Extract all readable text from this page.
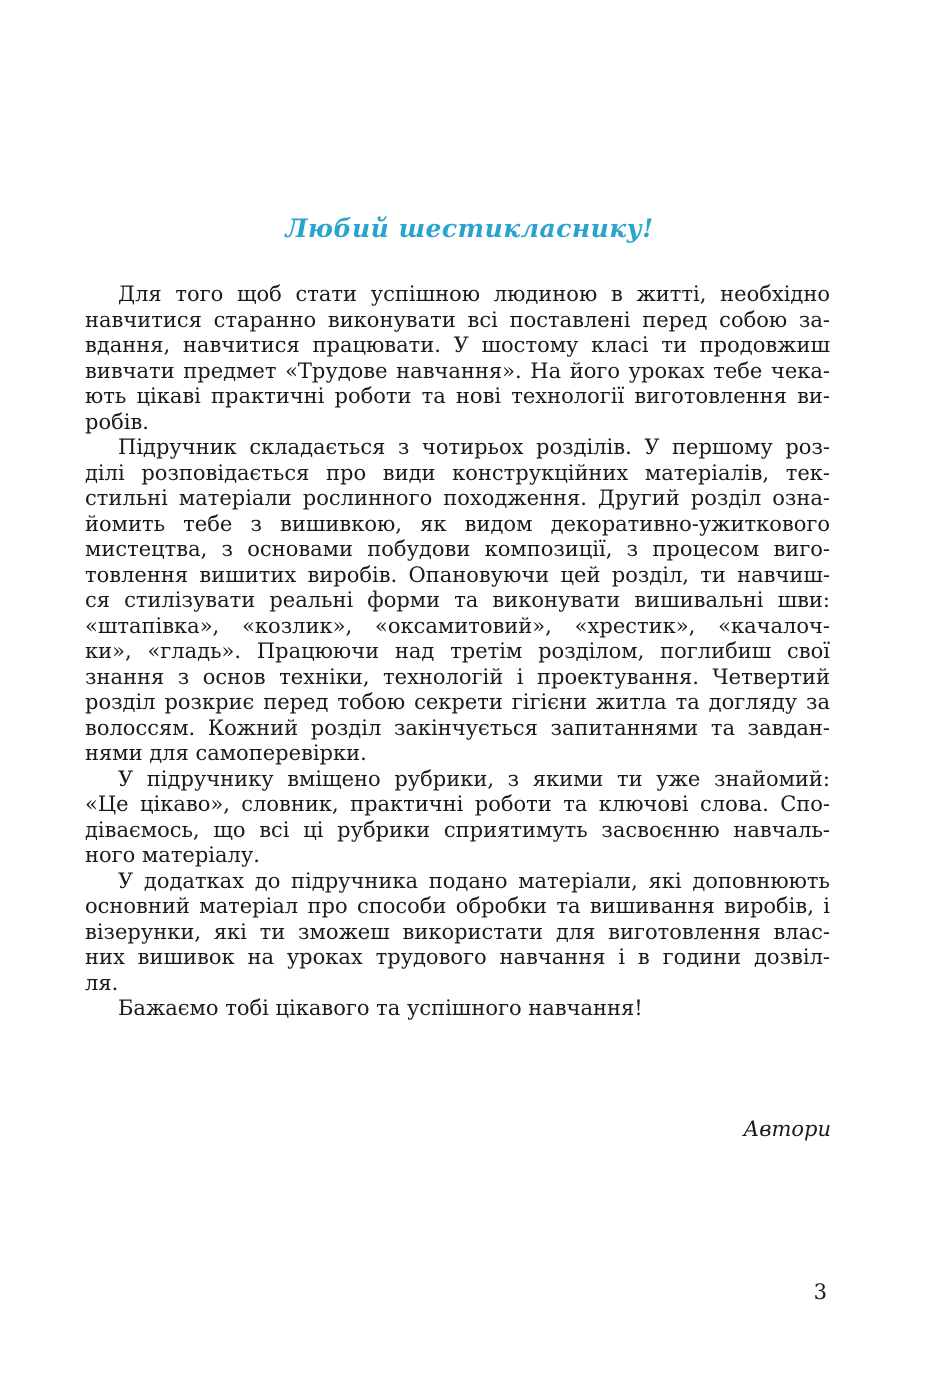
Любий шестикласнику!
Для того щоб стати успішною людиною в житті, необхідно
навчитися старанно виконувати всі поставлені перед собою за-
вдання, навчитися працювати. У шостому класі ти продовжиш
вивчати предмет «Трудове навчання». На його уроках тебе чека-
ють цікаві практичні роботи та нові технології виготовлення ви-
робів.
Підручник складається з чотирьох розділів. У першому роз-
ділі розповідається про види конструкційних матеріалів, тек-
стильні матеріали рослинного походження. Другий розділ озна-
йомить тебе з вишивкою, як видом декоративно-ужиткового
мистецтва, з основами побудови композиції, з процесом виго-
товлення вишитих виробів. Опановуючи цей розділ, ти навчиш-
ся стилізувати реальні форми та виконувати вишивальні шви:
«штапівка», «козлик», «оксамитовий», «хрестик», «качалоч-
ки», «гладь». Працюючи над третім розділом, поглибиш свої
знання з основ техніки, технологій і проектування. Четвертий
розділ розкриє перед тобою секрети гігієни житла та догляду за
волоссям. Кожний розділ закінчується запитаннями та завдан-
нями для самоперевірки.
У підручнику вміщено рубрики, з якими ти уже знайомий:
«Це цікаво», словник, практичні роботи та ключові слова. Спо-
діваємось, що всі ці рубрики сприятимуть засвоєнню навчаль-
ного матеріалу.
У додатках до підручника подано матеріали, які доповнюють
основний матеріал про способи обробки та вишивання виробів, і
візерунки, які ти зможеш використати для виготовлення влас-
них вишивок на уроках трудового навчання і в години дозвіл-
ля.
Бажаємо тобі цікавого та успішного навчання!
Автори
3
